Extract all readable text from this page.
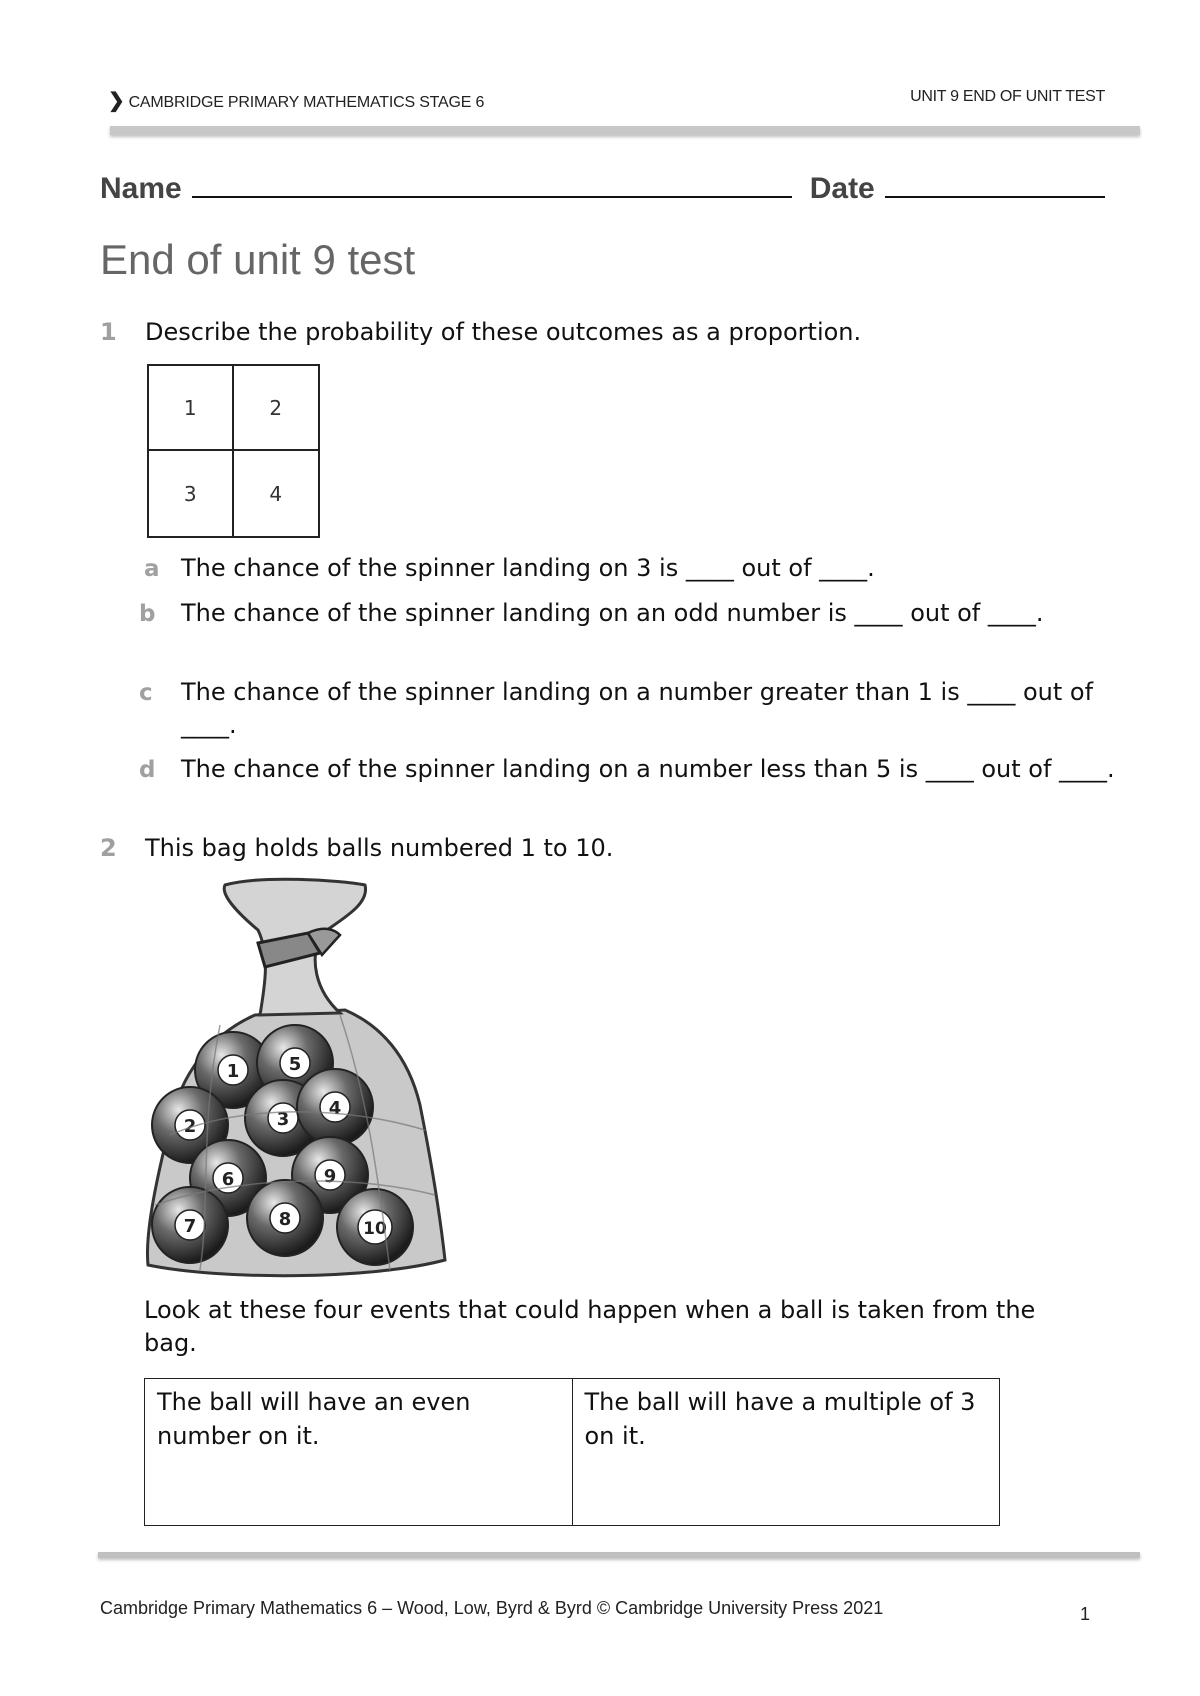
❯ CAMBRIDGE PRIMARY MATHEMATICS STAGE 6	UNIT 9 END OF UNIT TEST
Name	Date
End of unit 9 test
1 Describe the probability of these outcomes as a proportion.
1	2
3	4
a The chance of the spinner landing on 3 is ____ out of ____.
b The chance of the spinner landing on an odd number is ____ out of ____.
c The chance of the spinner landing on a number greater than 1 is ____ out of ____.
d The chance of the spinner landing on a number less than 5 is ____ out of ____.
2 This bag holds balls numbered 1 to 10.
1	5
2	3
4
6	9
7	8	10
Look at these four events that could happen when a ball is taken from the bag.
The ball will have an even number on it.
The ball will have a multiple of 3
on it.
Cambridge Primary Mathematics 6 – Wood, Low, Byrd & Byrd © Cambridge University Press 2021	1
